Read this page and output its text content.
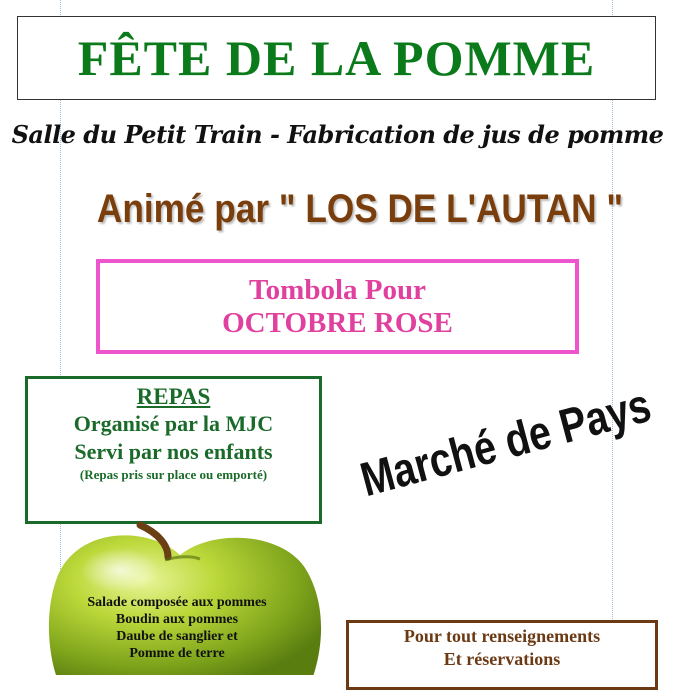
FÊTE DE LA POMME
Salle du Petit Train - Fabrication de jus de pomme
Animé par " LOS DE L'AUTAN "
Tombola Pour
OCTOBRE ROSE
REPAS
Organisé par la MJC
Servi par nos enfants
(Repas pris sur place ou emporté)	Marché de Pays
Salade composée aux pommes
Boudin aux pommes
Daube de sanglier et
Pomme de terre
Pour tout renseignements
Et réservations
